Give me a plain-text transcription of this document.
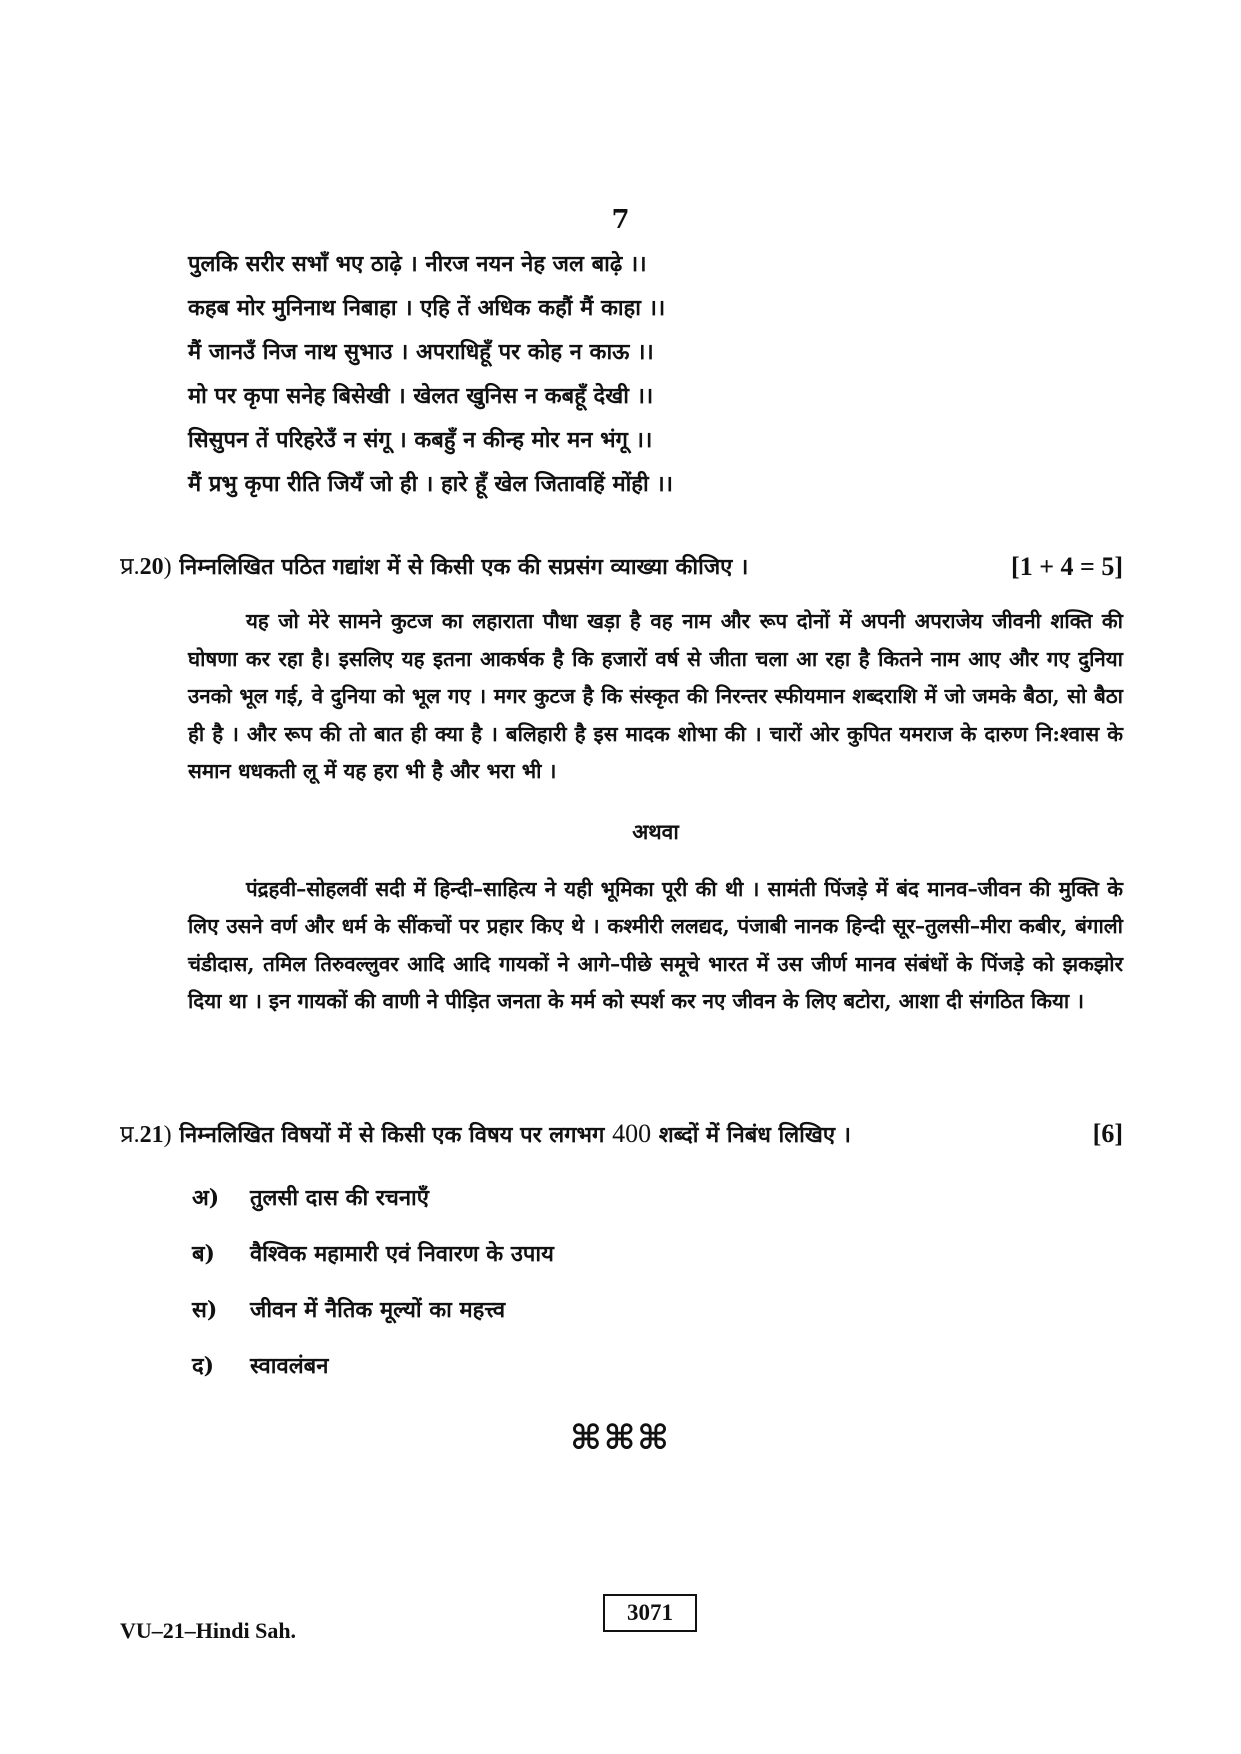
7
पुलकि सरीर सभाँ भए ठाढ़े । नीरज नयन नेह जल बाढ़े ।।
कहब मोर मुनिनाथ निबाहा । एहि तें अधिक कहौं मैं काहा ।।
मैं जानउँ निज नाथ सुभाउ । अपराधिहूँ पर कोह न काऊ ।।
मो पर कृपा सनेह बिसेखी । खेलत खुनिस न कबहूँ देखी ।।
सिसुपन तें परिहरेउँ न संगू । कबहुँ न कीन्ह मोर मन भंगू ।।
मैं प्रभु कृपा रीति जियँ जो ही । हारे हूँ खेल जितावहिं मोंही ।।
प्र.20) निम्नलिखित पठित गद्यांश में से किसी एक की सप्रसंग व्याख्या कीजिए ।	[1 + 4 = 5]
यह जो मेरे सामने कुटज का लहाराता पौधा खड़ा है वह नाम और रूप दोनों में अपनी अपराजेय जीवनी शक्ति की घोषणा कर रहा है। इसलिए यह इतना आकर्षक है कि हजारों वर्ष से जीता चला आ रहा है कितने नाम आए और गए दुनिया उनको भूल गई, वे दुनिया को भूल गए । मगर कुटज है कि संस्कृत की निरन्तर स्फीयमान शब्दराशि में जो जमके बैठा, सो बैठा ही है । और रूप की तो बात ही क्या है । बलिहारी है इस मादक शोभा की । चारों ओर कुपित यमराज के दारुण नि:श्वास के समान धधकती लू में यह हरा भी है और भरा भी ।
अथवा
पंद्रहवी–सोहलवीं सदी में हिन्दी–साहित्य ने यही भूमिका पूरी की थी । सामंती पिंजड़े में बंद मानव–जीवन की मुक्ति के लिए उसने वर्ण और धर्म के सींकचों पर प्रहार किए थे । कश्मीरी ललद्यद, पंजाबी नानक हिन्दी सूर–तुलसी–मीरा कबीर, बंगाली चंडीदास, तमिल तिरुवल्लुवर आदि आदि गायकों ने आगे–पीछे समूचे भारत में उस जीर्ण मानव संबंधों के पिंजड़े को झकझोर दिया था । इन गायकों की वाणी ने पीड़ित जनता के मर्म को स्पर्श कर नए जीवन के लिए बटोरा, आशा दी संगठित किया ।
प्र.21) निम्नलिखित विषयों में से किसी एक विषय पर लगभग 400 शब्दों में निबंध लिखिए ।	[6]
अ) तुलसी दास की रचनाएँ
ब) वैश्विक महामारी एवं निवारण के उपाय
स) जीवन में नैतिक मूल्यों का महत्त्व
द) स्वावलंबन
⌘⌘⌘
VU–21–Hindi Sah.
3071
